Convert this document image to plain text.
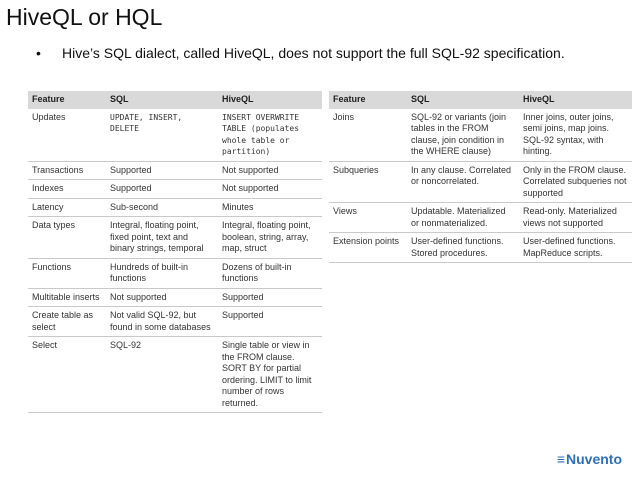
HiveQL or HQL
•	Hive’s SQL dialect, called HiveQL, does not support the full SQL-92 specification.
Feature	SQL	HiveQL
Updates	UPDATE, INSERT, DELETE	INSERT OVERWRITE TABLE (populates whole table or partition)
Transactions	Supported	Not supported
Indexes	Supported	Not supported
Latency	Sub-second	Minutes
Data types	Integral, floating point, fixed point, text and binary strings, temporal	Integral, floating point, boolean, string, array, map, struct
Functions	Hundreds of built-in functions	Dozens of built-in functions
Multitable inserts	Not supported	Supported
Create table as select	Not valid SQL-92, but found in some databases	Supported
Select	SQL-92	Single table or view in the FROM clause. SORT BY for partial ordering. LIMIT to limit number of rows returned.
Feature	SQL	HiveQL
Joins	SQL-92 or variants (join tables in the FROM clause, join condition in the WHERE clause)	Inner joins, outer joins, semi joins, map joins. SQL-92 syntax, with hinting.
Subqueries	In any clause. Correlated or noncorrelated.	Only in the FROM clause. Correlated subqueries not supported
Views	Updatable. Materialized or nonmaterialized.	Read-only. Materialized views not supported
Extension points	User-defined functions. Stored procedures.	User-defined functions. MapReduce scripts.
≡Nuvento
